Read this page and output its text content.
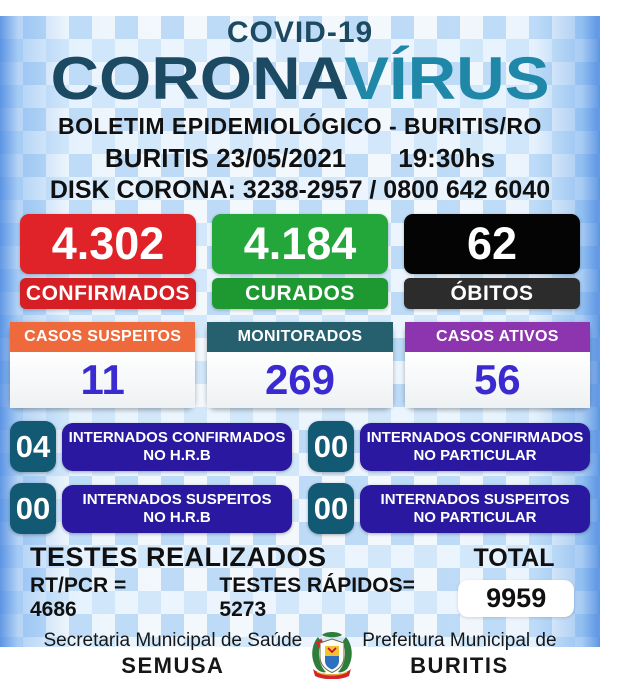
COVID-19
CORONAVÍRUS
BOLETIM EPIDEMIOLÓGICO - BURITIS/RO
BURITIS 23/05/2021 19:30hs
DISK CORONA: 3238-2957 / 0800 642 6040
4.302
CONFIRMADOS
4.184
CURADOS
62
ÓBITOS
CASOS SUSPEITOS
11
MONITORADOS
269
CASOS ATIVOS
56
04	INTERNADOS CONFIRMADOS
NO H.R.B	00	INTERNADOS CONFIRMADOS
NO PARTICULAR
00	INTERNADOS SUSPEITOS
NO H.R.B	00	INTERNADOS SUSPEITOS
NO PARTICULAR
TESTES REALIZADOS	TOTAL
RT/PCR = 4686
TESTES RÁPIDOS= 5273	9959
Secretaria Municipal de Saúde
SEMUSA
Prefeitura Municipal de
BURITIS
